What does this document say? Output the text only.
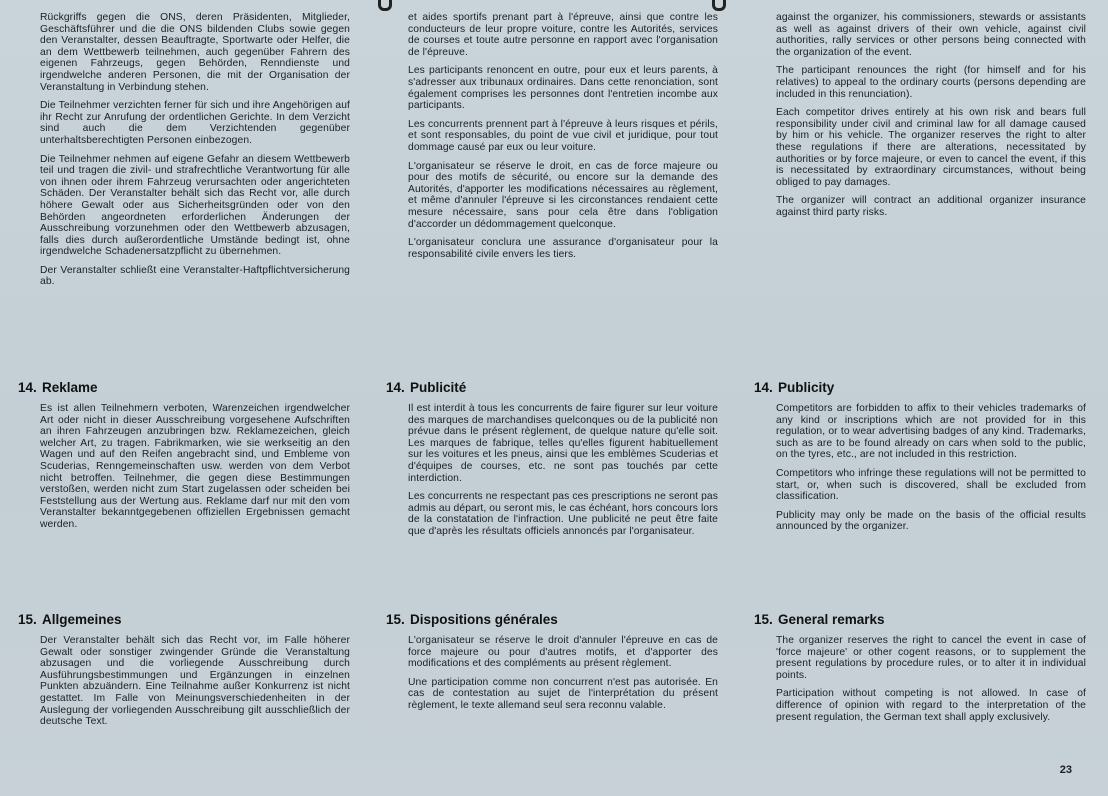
Rückgriffs gegen die ONS, deren Präsidenten, Mitglieder, Geschäftsführer und die die ONS bildenden Clubs sowie gegen den Veranstalter, dessen Beauftragte, Sportwarte oder Helfer, die an dem Wettbewerb teilnehmen, auch gegenüber Fahrern des eigenen Fahrzeugs, gegen Behörden, Renndienste und irgendwelche anderen Personen, die mit der Organisation der Veranstaltung in Verbindung stehen.

Die Teilnehmer verzichten ferner für sich und ihre Angehörigen auf ihr Recht zur Anrufung der ordentlichen Gerichte. In dem Verzicht sind auch die dem Verzichtenden gegenüber unterhaltsberechtigten Personen einbezogen.

Die Teilnehmer nehmen auf eigene Gefahr an diesem Wettbewerb teil und tragen die zivil- und strafrechtliche Verantwortung für alle von ihnen oder ihrem Fahrzeug verursachten oder angerichteten Schäden. Der Veranstalter behält sich das Recht vor, alle durch höhere Gewalt oder aus Sicherheitsgründen oder von den Behörden angeordneten erforderlichen Änderungen der Ausschreibung vorzunehmen oder den Wettbewerb abzusagen, falls dies durch außerordentliche Umstände bedingt ist, ohne irgendwelche Schadenersatzpflicht zu übernehmen.

Der Veranstalter schließt eine Veranstalter-Haftpflichtversicherung ab.

14. Reklame

Es ist allen Teilnehmern verboten, Warenzeichen irgendwelcher Art oder nicht in dieser Ausschreibung vorgesehene Aufschriften an ihren Fahrzeugen anzubringen bzw. Reklamezeichen, gleich welcher Art, zu tragen. Fabrikmarken, wie sie werkseitig an den Wagen und auf den Reifen angebracht sind, und Embleme von Scuderias, Renngemeinschaften usw. werden von dem Verbot nicht betroffen. Teilnehmer, die gegen diese Bestimmungen verstoßen, werden nicht zum Start zugelassen oder scheiden bei Feststellung aus der Wertung aus. Reklame darf nur mit den vom Veranstalter bekanntgegebenen offiziellen Ergebnissen gemacht werden.

15. Allgemeines

Der Veranstalter behält sich das Recht vor, im Falle höherer Gewalt oder sonstiger zwingender Gründe die Veranstaltung abzusagen und die vorliegende Ausschreibung durch Ausführungsbestimmungen und Ergänzungen in einzelnen Punkten abzuändern. Eine Teilnahme außer Konkurrenz ist nicht gestattet. Im Falle von Meinungsverschiedenheiten in der Auslegung der vorliegenden Ausschreibung gilt ausschließlich der deutsche Text.

et aides sportifs prenant part à l'épreuve, ainsi que contre les conducteurs de leur propre voiture, contre les Autorités, services de courses et toute autre personne en rapport avec l'organisation de l'épreuve.

Les participants renoncent en outre, pour eux et leurs parents, à s'adresser aux tribunaux ordinaires. Dans cette renonciation, sont également comprises les personnes dont l'entretien incombe aux participants.

Les concurrents prennent part à l'épreuve à leurs risques et périls, et sont responsables, du point de vue civil et juridique, pour tout dommage causé par eux ou leur voiture.

L'organisateur se réserve le droit, en cas de force majeure ou pour des motifs de sécurité, ou encore sur la demande des Autorités, d'apporter les modifications nécessaires au règlement, et même d'annuler l'épreuve si les circonstances rendaient cette mesure nécessaire, sans pour cela être dans l'obligation d'accorder un dédommagement quelconque.

L'organisateur conclura une assurance d'organisateur pour la responsabilité civile envers les tiers.

14. Publicité

Il est interdit à tous les concurrents de faire figurer sur leur voiture des marques de marchandises quelconques ou de la publicité non prévue dans le présent règlement, de quelque nature qu'elle soit. Les marques de fabrique, telles qu'elles figurent habituellement sur les voitures et les pneus, ainsi que les emblèmes Scuderias et d'équipes de courses, etc. ne sont pas touchés par cette interdiction.

Les concurrents ne respectant pas ces prescriptions ne seront pas admis au départ, ou seront mis, le cas échéant, hors concours lors de la constatation de l'infraction. Une publicité ne peut être faite que d'après les résultats officiels annoncés par l'organisateur.

15. Dispositions générales

L'organisateur se réserve le droit d'annuler l'épreuve en cas de force majeure ou pour d'autres motifs, et d'apporter des modifications et des compléments au présent règlement.

Une participation comme non concurrent n'est pas autorisée. En cas de contestation au sujet de l'interprétation du présent règlement, le texte allemand seul sera reconnu valable.

against the organizer, his commissioners, stewards or assistants as well as against drivers of their own vehicle, against civil authorities, rally services or other persons being connected with the organization of the event.

The participant renounces the right (for himself and for his relatives) to appeal to the ordinary courts (persons depending are included in this renunciation).

Each competitor drives entirely at his own risk and bears full responsibility under civil and criminal law for all damage caused by him or his vehicle. The organizer reserves the right to alter these regulations if there are alterations, necessitated by authorities or by force majeure, or even to cancel the event, if this is necessitated by extraordinary circumstances, without being obliged to pay damages.

The organizer will contract an additional organizer insurance against third party risks.

14. Publicity

Competitors are forbidden to affix to their vehicles trademarks of any kind or inscriptions which are not provided for in this regulation, or to wear advertising badges of any kind. Trademarks, such as are to be found already on cars when sold to the public, on the tyres, etc., are not included in this restriction.

Competitors who infringe these regulations will not be permitted to start, or, when such is discovered, shall be excluded from classification.

Publicity may only be made on the basis of the official results announced by the organizer.

15. General remarks

The organizer reserves the right to cancel the event in case of 'force majeure' or other cogent reasons, or to supplement the present regulations by procedure rules, or to alter it in individual points.

Participation without competing is not allowed. In case of difference of opinion with regard to the interpretation of the present regulation, the German text shall apply exclusively.

23
